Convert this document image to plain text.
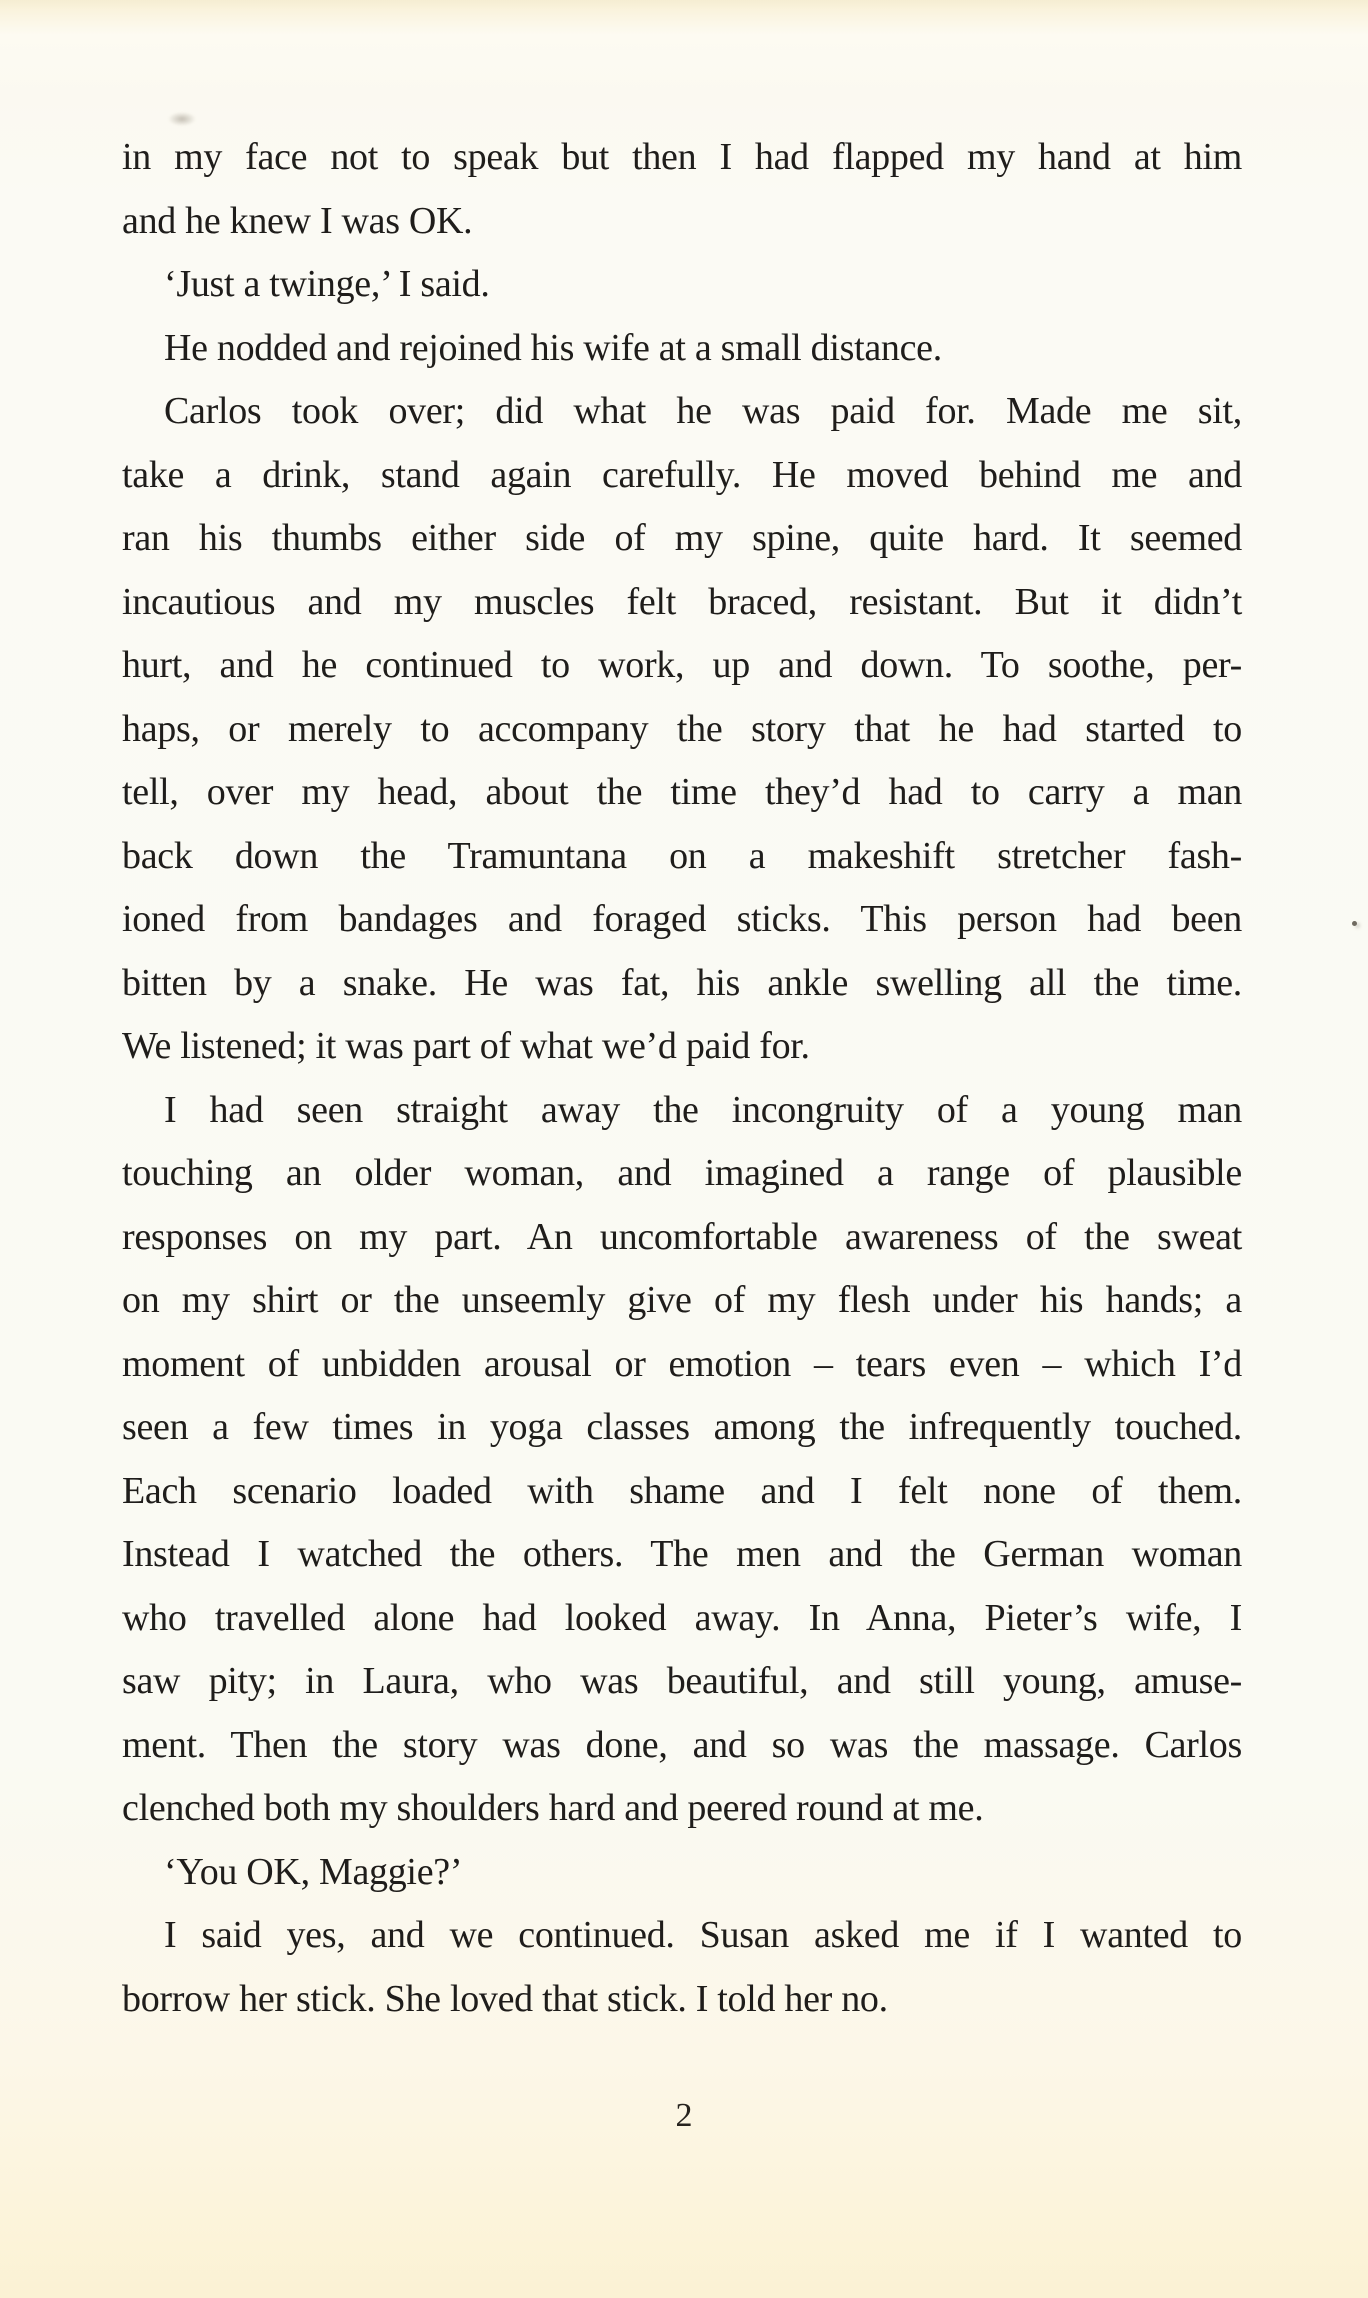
in my face not to speak but then I had flapped my hand at him
and he knew I was OK.
‘Just a twinge,’ I said.
He nodded and rejoined his wife at a small distance.
Carlos took over; did what he was paid for. Made me sit,
take a drink, stand again carefully. He moved behind me and
ran his thumbs either side of my spine, quite hard. It seemed
incautious and my muscles felt braced, resistant. But it didn’t
hurt, and he continued to work, up and down. To soothe, per-
haps, or merely to accompany the story that he had started to
tell, over my head, about the time they’d had to carry a man
back down the Tramuntana on a makeshift stretcher fash-
ioned from bandages and foraged sticks. This person had been
bitten by a snake. He was fat, his ankle swelling all the time.
We listened; it was part of what we’d paid for.
I had seen straight away the incongruity of a young man
touching an older woman, and imagined a range of plausible
responses on my part. An uncomfortable awareness of the sweat
on my shirt or the unseemly give of my flesh under his hands; a
moment of unbidden arousal or emotion – tears even – which I’d
seen a few times in yoga classes among the infrequently touched.
Each scenario loaded with shame and I felt none of them.
Instead I watched the others. The men and the German woman
who travelled alone had looked away. In Anna, Pieter’s wife, I
saw pity; in Laura, who was beautiful, and still young, amuse-
ment. Then the story was done, and so was the massage. Carlos
clenched both my shoulders hard and peered round at me.
‘You OK, Maggie?’
I said yes, and we continued. Susan asked me if I wanted to
borrow her stick. She loved that stick. I told her no.
2
